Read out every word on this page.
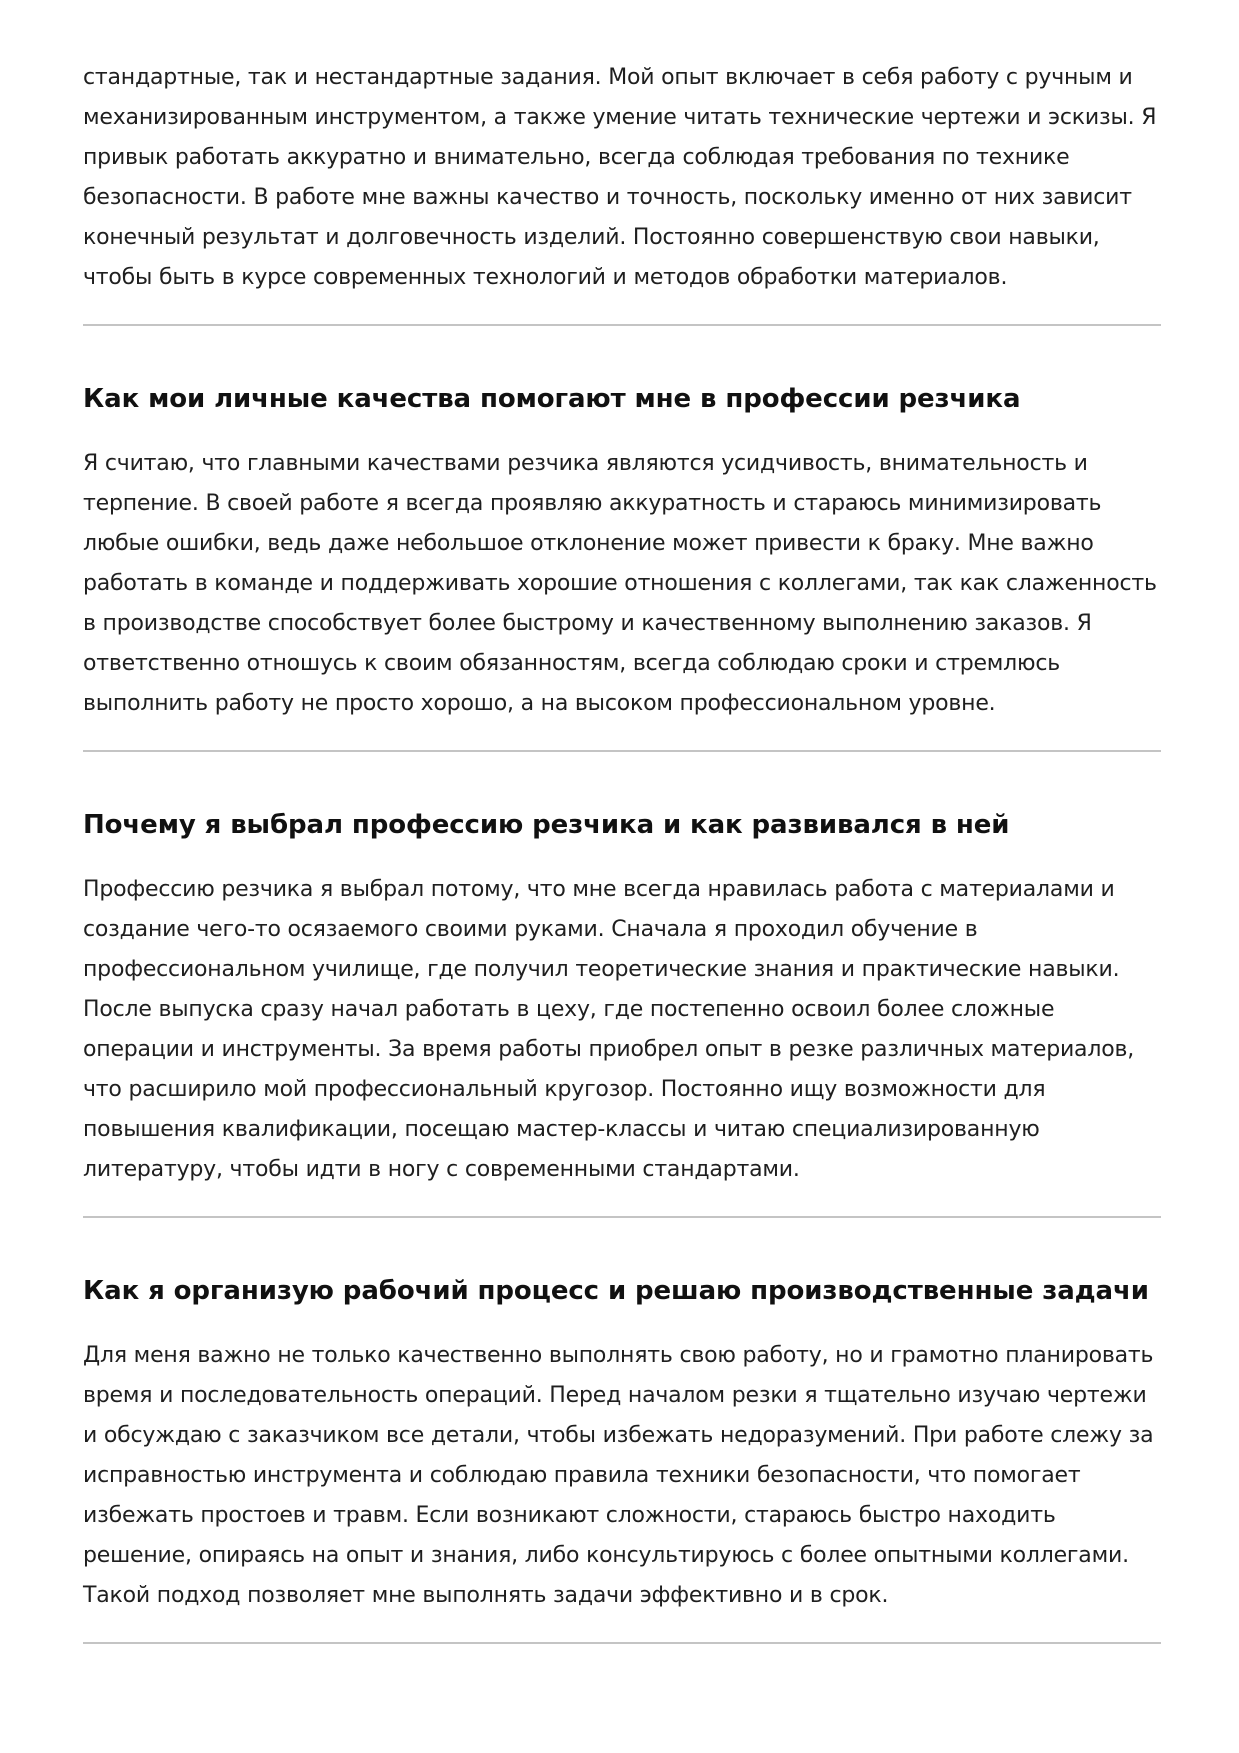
стандартные, так и нестандартные задания. Мой опыт включает в себя работу с ручным и механизированным инструментом, а также умение читать технические чертежи и эскизы. Я привык работать аккуратно и внимательно, всегда соблюдая требования по технике безопасности. В работе мне важны качество и точность, поскольку именно от них зависит конечный результат и долговечность изделий. Постоянно совершенствую свои навыки, чтобы быть в курсе современных технологий и методов обработки материалов.

Как мои личные качества помогают мне в профессии резчика

Я считаю, что главными качествами резчика являются усидчивость, внимательность и терпение. В своей работе я всегда проявляю аккуратность и стараюсь минимизировать любые ошибки, ведь даже небольшое отклонение может привести к браку. Мне важно работать в команде и поддерживать хорошие отношения с коллегами, так как слаженность в производстве способствует более быстрому и качественному выполнению заказов. Я ответственно отношусь к своим обязанностям, всегда соблюдаю сроки и стремлюсь выполнить работу не просто хорошо, а на высоком профессиональном уровне.

Почему я выбрал профессию резчика и как развивался в ней

Профессию резчика я выбрал потому, что мне всегда нравилась работа с материалами и создание чего-то осязаемого своими руками. Сначала я проходил обучение в профессиональном училище, где получил теоретические знания и практические навыки. После выпуска сразу начал работать в цеху, где постепенно освоил более сложные операции и инструменты. За время работы приобрел опыт в резке различных материалов, что расширило мой профессиональный кругозор. Постоянно ищу возможности для повышения квалификации, посещаю мастер-классы и читаю специализированную литературу, чтобы идти в ногу с современными стандартами.

Как я организую рабочий процесс и решаю производственные задачи

Для меня важно не только качественно выполнять свою работу, но и грамотно планировать время и последовательность операций. Перед началом резки я тщательно изучаю чертежи и обсуждаю с заказчиком все детали, чтобы избежать недоразумений. При работе слежу за исправностью инструмента и соблюдаю правила техники безопасности, что помогает избежать простоев и травм. Если возникают сложности, стараюсь быстро находить решение, опираясь на опыт и знания, либо консультируюсь с более опытными коллегами. Такой подход позволяет мне выполнять задачи эффективно и в срок.
